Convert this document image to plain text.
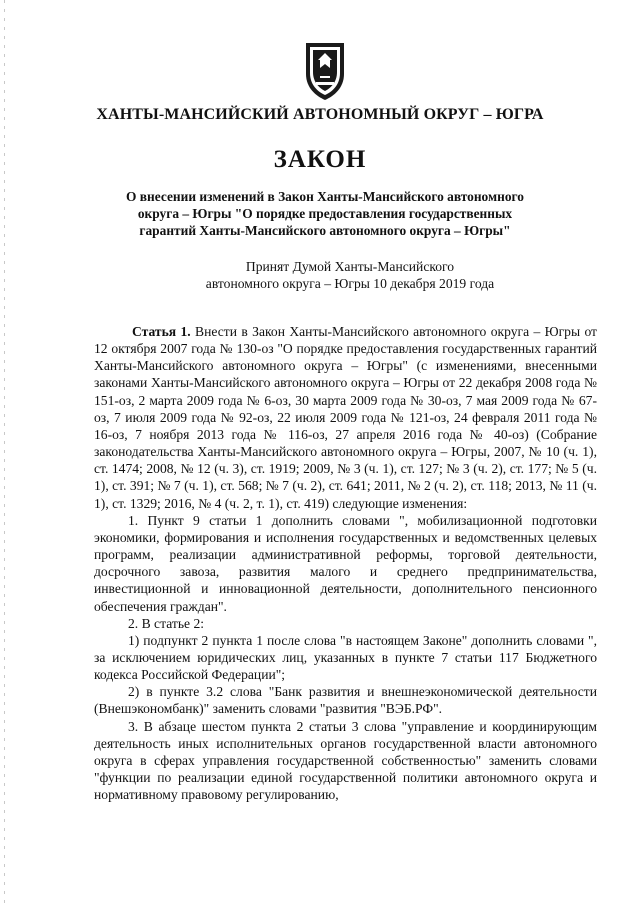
ХАНТЫ-МАНСИЙСКИЙ АВТОНОМНЫЙ ОКРУГ – ЮГРА
ЗАКОН
О внесении изменений в Закон Ханты-Мансийского автономного округа – Югры "О порядке предоставления государственных гарантий Ханты-Мансийского автономного округа – Югры"
Принят Думой Ханты-Мансийского
автономного округа – Югры 10 декабря 2019 года

Статья 1. Внести в Закон Ханты-Мансийского автономного округа – Югры от 12 октября 2007 года № 130-оз "О порядке предоставления государственных гарантий Ханты-Мансийского автономного округа – Югры" (с изменениями, внесенными законами Ханты-Мансийского автономного округа – Югры от 22 декабря 2008 года № 151-оз, 2 марта 2009 года № 6-оз, 30 марта 2009 года № 30-оз, 7 мая 2009 года № 67-оз, 7 июля 2009 года № 92-оз, 22 июля 2009 года № 121-оз, 24 февраля 2011 года № 16-оз, 7 ноября 2013 года № 116-оз, 27 апреля 2016 года № 40-оз) (Собрание законодательства Ханты-Мансийского автономного округа – Югры, 2007, № 10 (ч. 1), ст. 1474; 2008, № 12 (ч. 3), ст. 1919; 2009, № 3 (ч. 1), ст. 127; № 3 (ч. 2), ст. 177; № 5 (ч. 1), ст. 391; № 7 (ч. 1), ст. 568; № 7 (ч. 2), ст. 641; 2011, № 2 (ч. 2), ст. 118; 2013, № 11 (ч. 1), ст. 1329; 2016, № 4 (ч. 2, т. 1), ст. 419) следующие изменения:

1. Пункт 9 статьи 1 дополнить словами ", мобилизационной подготовки экономики, формирования и исполнения государственных и ведомственных целевых программ, реализации административной реформы, торговой деятельности, досрочного завоза, развития малого и среднего предпринимательства, инвестиционной и инновационной деятельности, дополнительного пенсионного обеспечения граждан".

2. В статье 2:

1) подпункт 2 пункта 1 после слова "в настоящем Законе" дополнить словами ", за исключением юридических лиц, указанных в пункте 7 статьи 117 Бюджетного кодекса Российской Федерации";

2) в пункте 3.2 слова "Банк развития и внешнеэкономической деятельности (Внешэкономбанк)" заменить словами "развития "ВЭБ.РФ".

3. В абзаце шестом пункта 2 статьи 3 слова "управление и координирующим деятельность иных исполнительных органов государственной власти автономного округа в сферах управления государственной собственностью" заменить словами "функции по реализации единой государственной политики автономного округа и нормативному правовому регулированию,
